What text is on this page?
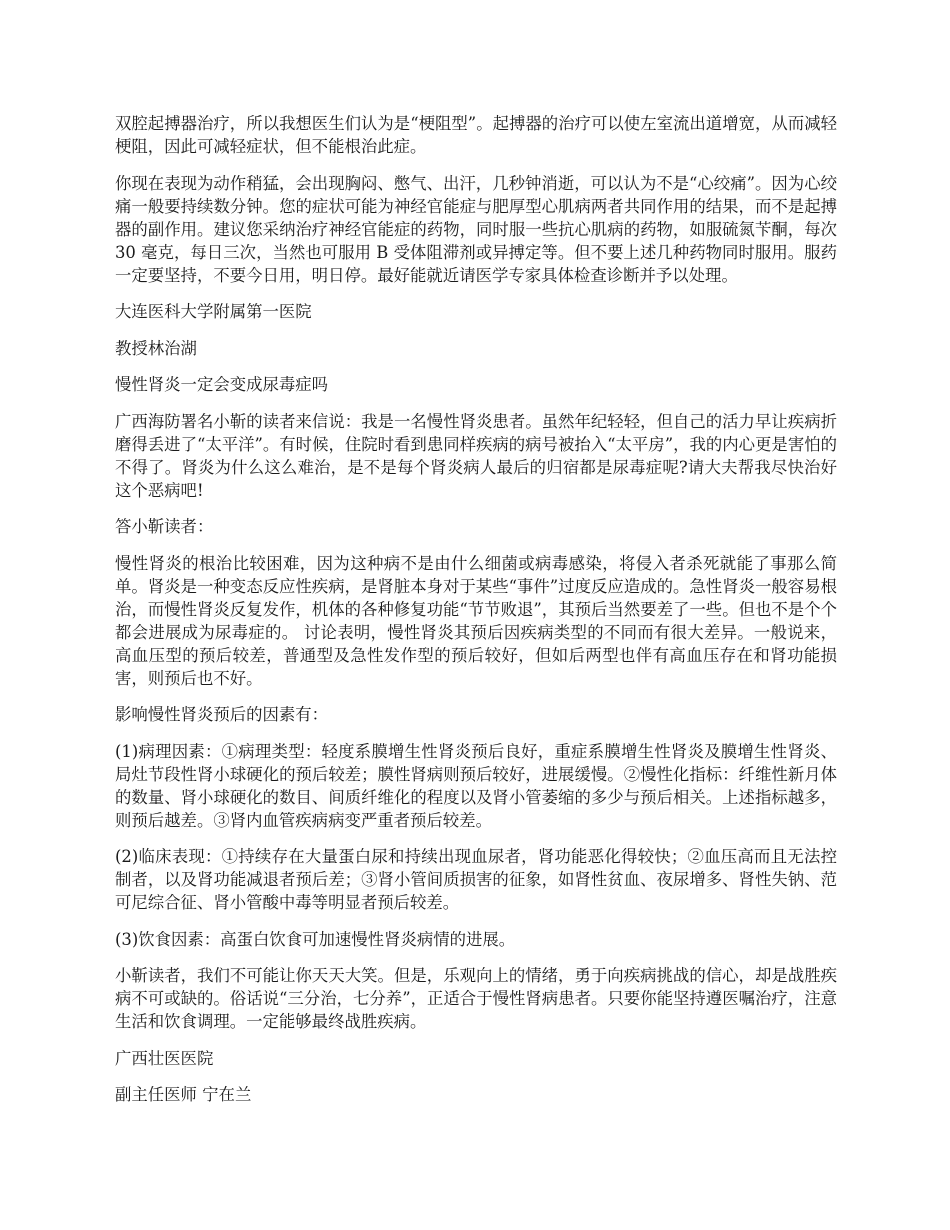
双腔起搏器治疗，所以我想医生们认为是“梗阻型”。起搏器的治疗可以使左室流出道增宽，从而减轻梗阻，因此可减轻症状，但不能根治此症。

你现在表现为动作稍猛，会出现胸闷、憋气、出汗，几秒钟消逝，可以认为不是“心绞痛”。因为心绞痛一般要持续数分钟。您的症状可能为神经官能症与肥厚型心肌病两者共同作用的结果，而不是起搏器的副作用。建议您采纳治疗神经官能症的药物，同时服一些抗心肌病的药物，如服硫氮苄酮，每次 30 毫克，每日三次，当然也可服用 B 受体阻滞剂或异搏定等。但不要上述几种药物同时服用。服药一定要坚持，不要今日用，明日停。最好能就近请医学专家具体检查诊断并予以处理。

大连医科大学附属第一医院

教授林治湖

慢性肾炎一定会变成尿毒症吗

广西海防署名小靳的读者来信说：我是一名慢性肾炎患者。虽然年纪轻轻，但自己的活力早让疾病折磨得丢进了“太平洋”。有时候，住院时看到患同样疾病的病号被抬入“太平房”，我的内心更是害怕的不得了。肾炎为什么这么难治，是不是每个肾炎病人最后的归宿都是尿毒症呢?请大夫帮我尽快治好这个恶病吧!

答小靳读者：

慢性肾炎的根治比较困难，因为这种病不是由什么细菌或病毒感染，将侵入者杀死就能了事那么简单。肾炎是一种变态反应性疾病，是肾脏本身对于某些“事件”过度反应造成的。急性肾炎一般容易根治，而慢性肾炎反复发作，机体的各种修复功能“节节败退”，其预后当然要差了一些。但也不是个个都会进展成为尿毒症的。 讨论表明，慢性肾炎其预后因疾病类型的不同而有很大差异。一般说来，高血压型的预后较差，普通型及急性发作型的预后较好，但如后两型也伴有高血压存在和肾功能损害，则预后也不好。

影响慢性肾炎预后的因素有：

(1)病理因素：①病理类型：轻度系膜增生性肾炎预后良好，重症系膜增生性肾炎及膜增生性肾炎、局灶节段性肾小球硬化的预后较差；膜性肾病则预后较好，进展缓慢。②慢性化指标：纤维性新月体的数量、肾小球硬化的数目、间质纤维化的程度以及肾小管萎缩的多少与预后相关。上述指标越多，则预后越差。③肾内血管疾病病变严重者预后较差。

(2)临床表现：①持续存在大量蛋白尿和持续出现血尿者，肾功能恶化得较快；②血压高而且无法控制者，以及肾功能减退者预后差；③肾小管间质损害的征象，如肾性贫血、夜尿增多、肾性失钠、范可尼综合征、肾小管酸中毒等明显者预后较差。

(3)饮食因素：高蛋白饮食可加速慢性肾炎病情的进展。

小靳读者，我们不可能让你天天大笑。但是，乐观向上的情绪，勇于向疾病挑战的信心，却是战胜疾病不可或缺的。俗话说“三分治，七分养”，正适合于慢性肾病患者。只要你能坚持遵医嘱治疗，注意生活和饮食调理。一定能够最终战胜疾病。

广西壮医医院

副主任医师 宁在兰
